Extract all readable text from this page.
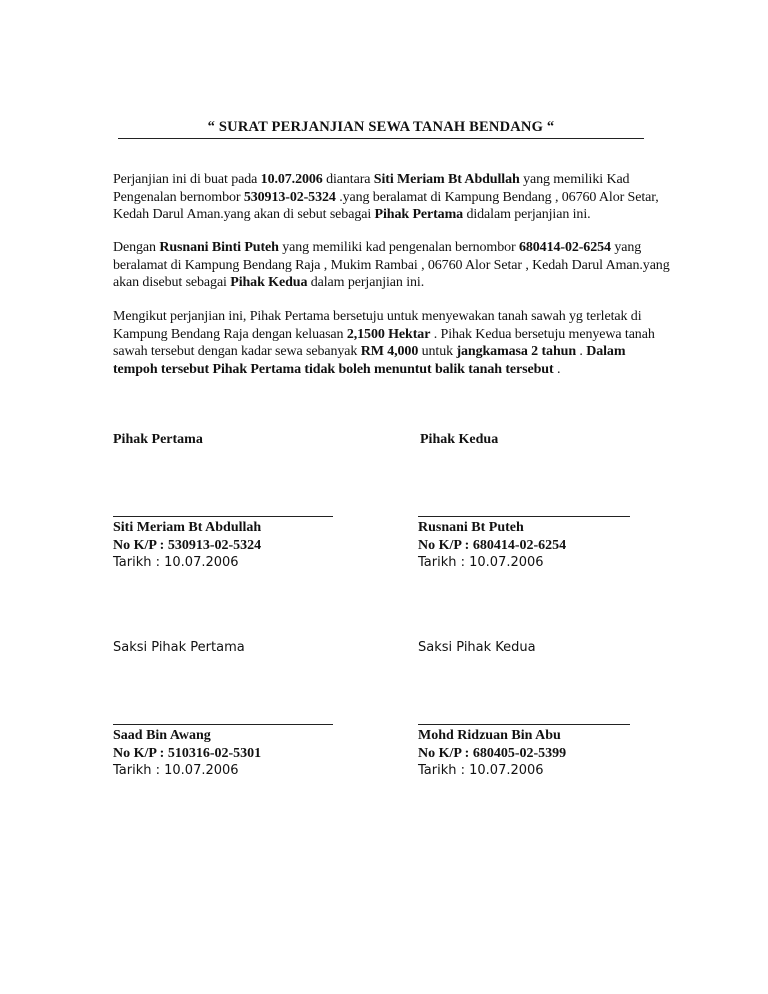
“ SURAT PERJANJIAN SEWA TANAH BENDANG “
Perjanjian ini di buat pada 10.07.2006 diantara Siti Meriam Bt Abdullah yang memiliki Kad Pengenalan bernombor 530913-02-5324 .yang beralamat di Kampung Bendang , 06760 Alor Setar, Kedah Darul Aman.yang akan di sebut sebagai Pihak Pertama didalam perjanjian ini.
Dengan Rusnani Binti Puteh yang memiliki kad pengenalan bernombor 680414-02-6254 yang beralamat di Kampung Bendang Raja , Mukim Rambai , 06760 Alor Setar , Kedah Darul Aman.yang akan disebut sebagai Pihak Kedua dalam perjanjian ini.
Mengikut perjanjian ini, Pihak Pertama bersetuju untuk menyewakan tanah sawah yg terletak di Kampung Bendang Raja dengan keluasan 2,1500 Hektar . Pihak Kedua bersetuju menyewa tanah sawah tersebut dengan kadar sewa sebanyak RM 4,000 untuk jangkamasa 2 tahun . Dalam tempoh tersebut Pihak Pertama tidak boleh menuntut balik tanah tersebut .
Pihak Pertama	Pihak Kedua
Siti Meriam Bt Abdullah
No K/P : 530913-02-5324
Tarikh : 10.07.2006
Rusnani Bt Puteh
No K/P : 680414-02-6254
Tarikh : 10.07.2006
Saksi Pihak Pertama	Saksi Pihak Kedua
Saad Bin Awang
No K/P : 510316-02-5301
Tarikh : 10.07.2006
Mohd Ridzuan Bin Abu
No K/P : 680405-02-5399
Tarikh : 10.07.2006
